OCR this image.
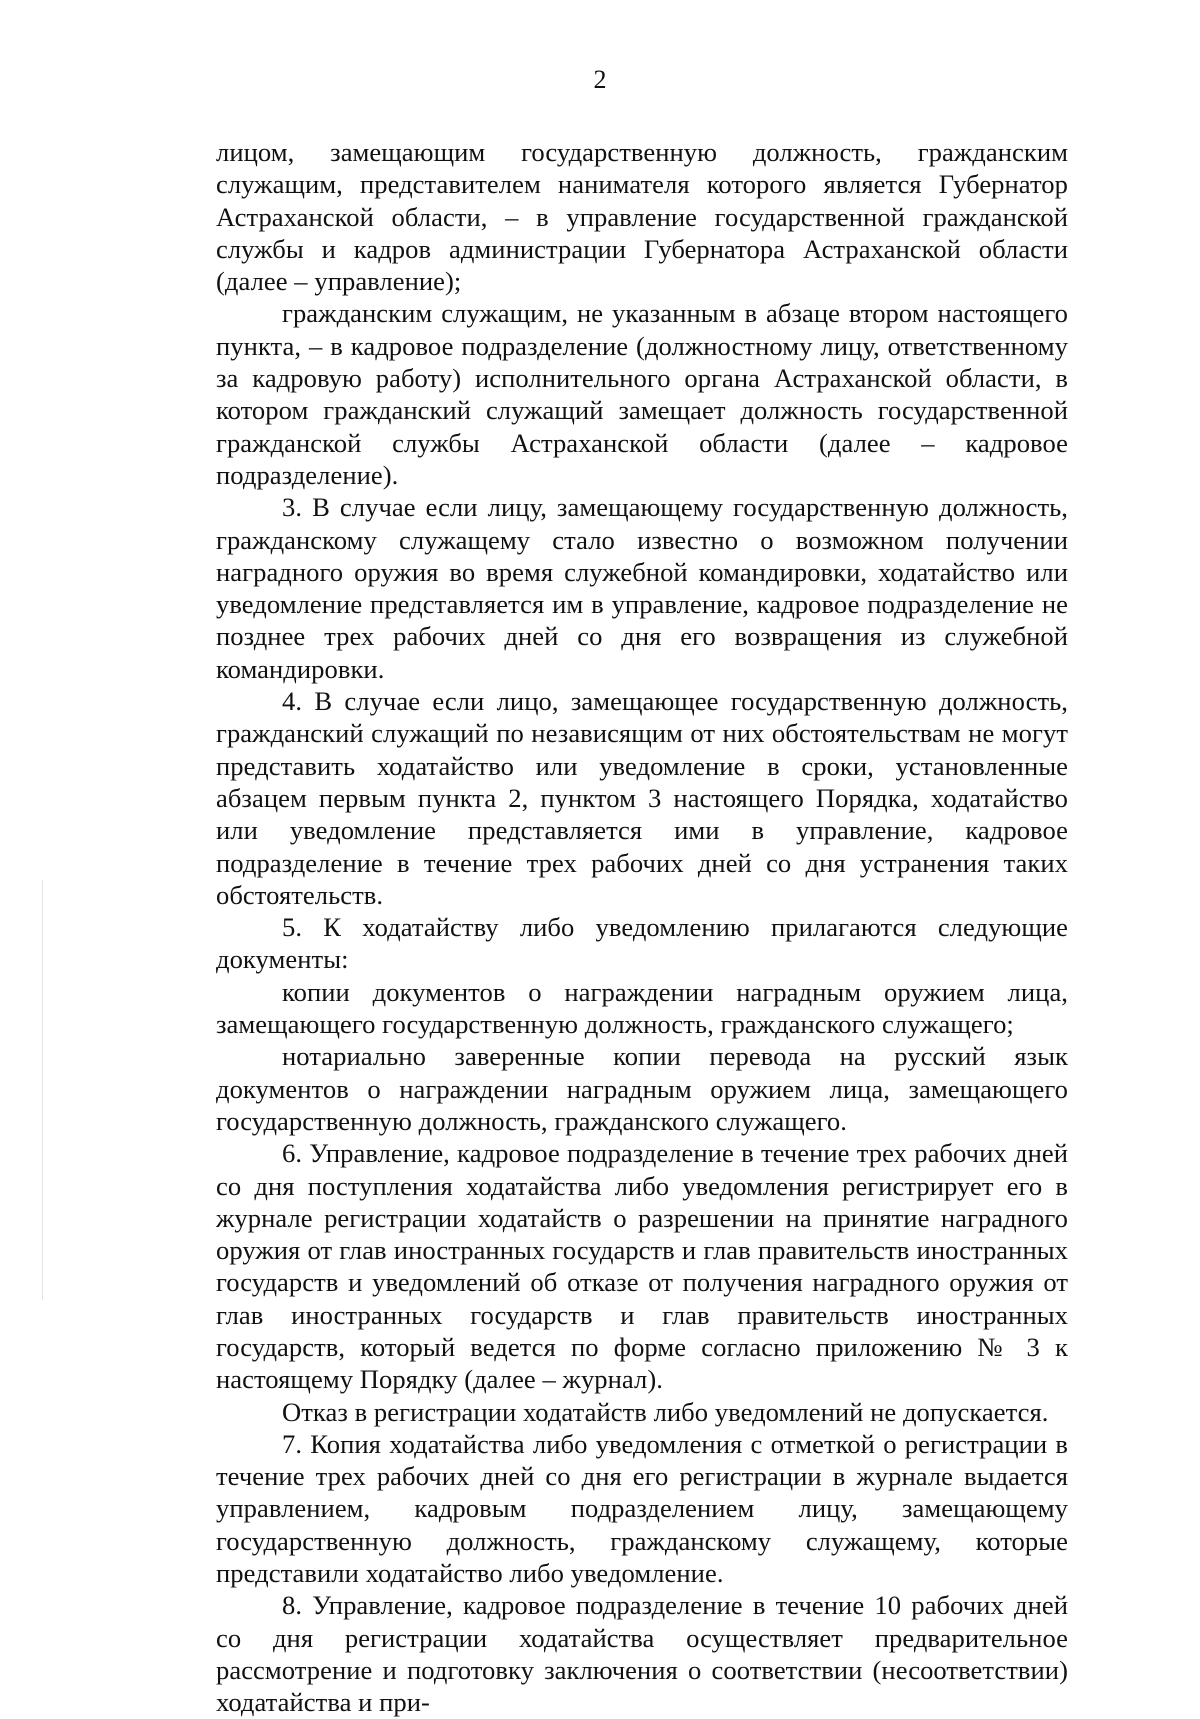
2

лицом, замещающим государственную должность, гражданским служащим, представителем нанимателя которого является Губернатор Астраханской области, – в управление государственной гражданской службы и кадров администрации Губернатора Астраханской области (далее – управление);

гражданским служащим, не указанным в абзаце втором настоящего пункта, – в кадровое подразделение (должностному лицу, ответственному за кадровую работу) исполнительного органа Астраханской области, в котором гражданский служащий замещает должность государственной гражданской службы Астраханской области (далее – кадровое подразделение).

3. В случае если лицу, замещающему государственную должность, гражданскому служащему стало известно о возможном получении наградного оружия во время служебной командировки, ходатайство или уведомление представляется им в управление, кадровое подразделение не позднее трех рабочих дней со дня его возвращения из служебной командировки.

4. В случае если лицо, замещающее государственную должность, гражданский служащий по независящим от них обстоятельствам не могут представить ходатайство или уведомление в сроки, установленные абзацем первым пункта 2, пунктом 3 настоящего Порядка, ходатайство или уведомление представляется ими в управление, кадровое подразделение в течение трех рабочих дней со дня устранения таких обстоятельств.

5. К ходатайству либо уведомлению прилагаются следующие документы:

копии документов о награждении наградным оружием лица, замещающего государственную должность, гражданского служащего;

нотариально заверенные копии перевода на русский язык документов о награждении наградным оружием лица, замещающего государственную должность, гражданского служащего.

6. Управление, кадровое подразделение в течение трех рабочих дней со дня поступления ходатайства либо уведомления регистрирует его в журнале регистрации ходатайств о разрешении на принятие наградного оружия от глав иностранных государств и глав правительств иностранных государств и уведомлений об отказе от получения наградного оружия от глав иностранных государств и глав правительств иностранных государств, который ведется по форме согласно приложению № 3 к настоящему Порядку (далее – журнал).

Отказ в регистрации ходатайств либо уведомлений не допускается.

7. Копия ходатайства либо уведомления с отметкой о регистрации в течение трех рабочих дней со дня его регистрации в журнале выдается управлением, кадровым подразделением лицу, замещающему государственную должность, гражданскому служащему, которые представили ходатайство либо уведомление.

8. Управление, кадровое подразделение в течение 10 рабочих дней со дня регистрации ходатайства осуществляет предварительное рассмотрение и подготовку заключения о соответствии (несоответствии) ходатайства и при-
